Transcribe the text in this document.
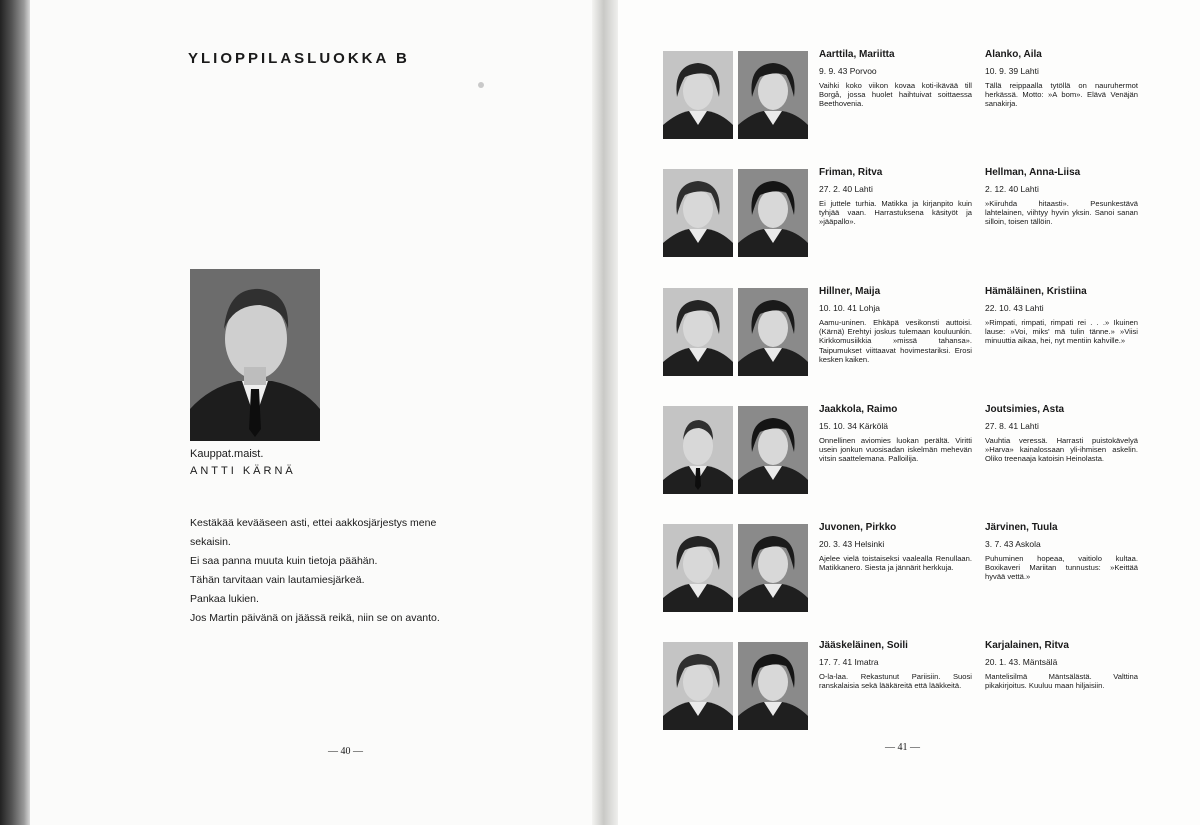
YLIOPPILASLUOKKA B
Kauppat.maist.
ANTTI KÄRNÄ
Kestäkää kevääseen asti, ettei aakkosjärjestys mene sekaisin.
Ei saa panna muuta kuin tietoja päähän.
Tähän tarvitaan vain lautamiesjärkeä.
Pankaa lukien.
Jos Martin päivänä on jäässä reikä, niin se on avanto.
— 40 —
Aarttila, Mariitta
9. 9. 43 Porvoo
Vaihki koko viikon kovaa koti-ikävää till Borgå, jossa huolet haihtuivat soittaessa Beethovenia.
Alanko, Aila
10. 9. 39 Lahti
Tällä reippaalla tytöllä on nauruhermot herkässä. Motto: »A bom». Elävä Venäjän sanakirja.
Friman, Ritva
27. 2. 40 Lahti
Ei juttele turhia. Matikka ja kirjanpito kuin tyhjää vaan. Harrastuksena käsityöt ja »jääpallo».
Hellman, Anna-Liisa
2. 12. 40 Lahti
»Kiiruhda hitaasti». Pesunkestävä lahtelainen, viihtyy hyvin yksin. Sanoi sanan silloin, toisen tällöin.
Hillner, Maija
10. 10. 41 Lohja
Aamu-uninen. Ehkäpä vesikonsti auttoisi. (Kärnä) Erehtyi joskus tulemaan kouluunkin. Kirkkomusiikkia »missä tahansa». Taipumukset viittaavat hovimestariksi. Erosi kesken kaiken.
Hämäläinen, Kristiina
22. 10. 43 Lahti
»Rimpati, rimpati, rimpati rei . . .» Ikuinen lause: »Voi, miks' mä tulin tänne.» »Viisi minuuttia aikaa, hei, nyt mentiin kahville.»
Jaakkola, Raimo
15. 10. 34 Kärkölä
Onnellinen aviomies luokan perältä. Viritti usein jonkun vuosisadan iskelmän mehevän vitsin saattelemana. Palloilija.
Joutsimies, Asta
27. 8. 41 Lahti
Vauhtia veressä. Harrasti puistokävelyä »Harva» kainalossaan yli-ihmisen askelin. Oliko treenaaja katoisin Heinolasta.
Juvonen, Pirkko
20. 3. 43 Helsinki
Ajelee vielä toistaiseksi vaalealla Renullaan. Matikkanero. Siesta ja jännärit herkkuja.
Järvinen, Tuula
3. 7. 43 Askola
Puhuminen hopeaa, vaitiolo kultaa. Boxikaveri Mariitan tunnustus: »Keittää hyvää vettä.»
Jääskeläinen, Soili
17. 7. 41 Imatra
O-la-laa. Rekastunut Pariisiin. Suosi ranskalaisia sekä lääkäreitä että lääkkeitä.
Karjalainen, Ritva
20. 1. 43. Mäntsälä
Mantelisilmä Mäntsälästä. Valttina pikakirjoitus. Kuuluu maan hiljaisiin.
— 41 —
